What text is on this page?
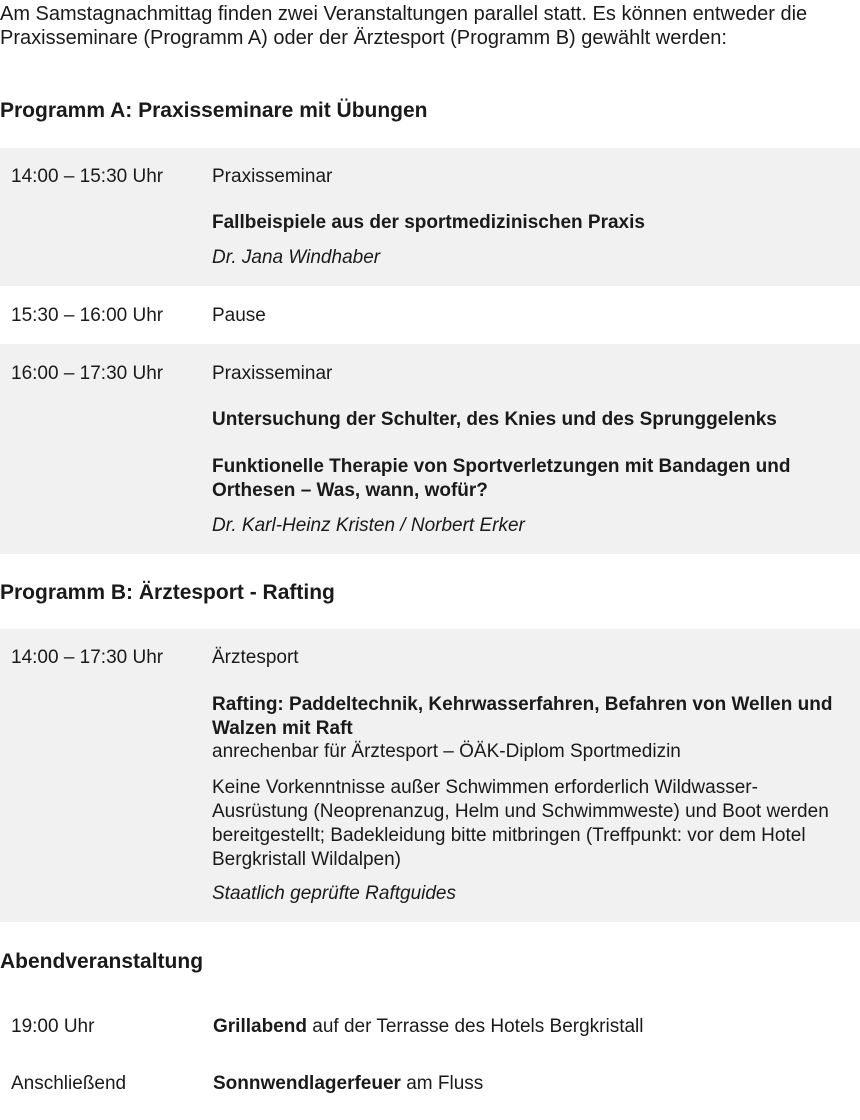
Am Samstagnachmittag finden zwei Veranstaltungen parallel statt. Es können entweder die Praxisseminare (Programm A) oder der Ärztesport (Programm B) gewählt werden:

Programm A: Praxisseminare mit Übungen
14:00 – 15:30 Uhr	Praxisseminar
Fallbeispiele aus der sportmedizinischen Praxis
Dr. Jana Windhaber
15:30 – 16:00 Uhr	Pause
16:00 – 17:30 Uhr	Praxisseminar
Untersuchung der Schulter, des Knies und des Sprunggelenks
Funktionelle Therapie von Sportverletzungen mit Bandagen und Orthesen – Was, wann, wofür?
Dr. Karl-Heinz Kristen / Norbert Erker
Programm B: Ärztesport - Rafting
14:00 – 17:30 Uhr	Ärztesport
Rafting: Paddeltechnik, Kehrwasserfahren, Befahren von Wellen und Walzen mit Raft
anrechenbar für Ärztesport – ÖÄK-Diplom Sportmedizin
Keine Vorkenntnisse außer Schwimmen erforderlich Wildwasser-Ausrüstung (Neoprenanzug, Helm und Schwimmweste) und Boot werden bereitgestellt; Badekleidung bitte mitbringen (Treffpunkt: vor dem Hotel Bergkristall Wildalpen)
Staatlich geprüfte Raftguides
Abendveranstaltung
19:00 Uhr	Grillabend auf der Terrasse des Hotels Bergkristall
Anschließend	Sonnwendlagerfeuer am Fluss
